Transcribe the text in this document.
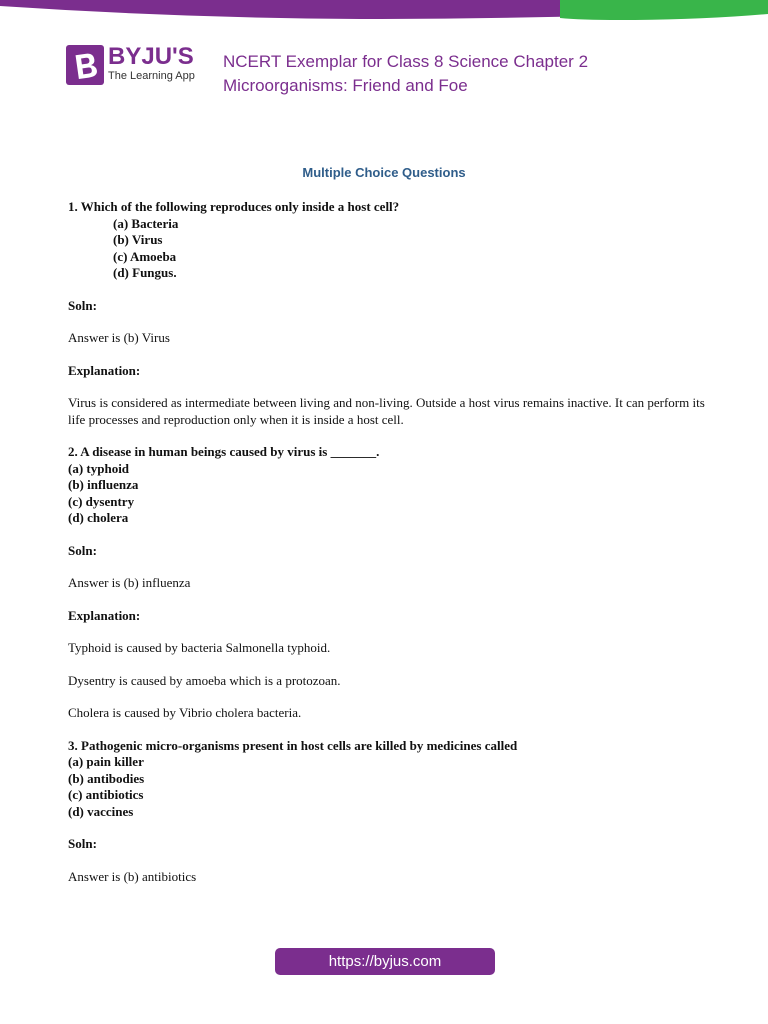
BYJU'S
The Learning App
NCERT Exemplar for Class 8 Science Chapter 2
Microorganisms: Friend and Foe
Multiple Choice Questions
1. Which of the following reproduces only inside a host cell?
(a) Bacteria
(b) Virus
(c) Amoeba
(d) Fungus.
Soln:
Answer is (b) Virus
Explanation:
Virus is considered as intermediate between living and non-living. Outside a host virus remains inactive. It can perform its life processes and reproduction only when it is inside a host cell.
2. A disease in human beings caused by virus is _______.
(a) typhoid
(b) influenza
(c) dysentry
(d) cholera
Soln:
Answer is (b) influenza
Explanation:
Typhoid is caused by bacteria Salmonella typhoid.
Dysentry is caused by amoeba which is a protozoan.
Cholera is caused by Vibrio cholera bacteria.
3. Pathogenic micro-organisms present in host cells are killed by medicines called
(a) pain killer
(b) antibodies
(c) antibiotics
(d) vaccines
Soln:
Answer is (b) antibiotics
https://byjus.com
